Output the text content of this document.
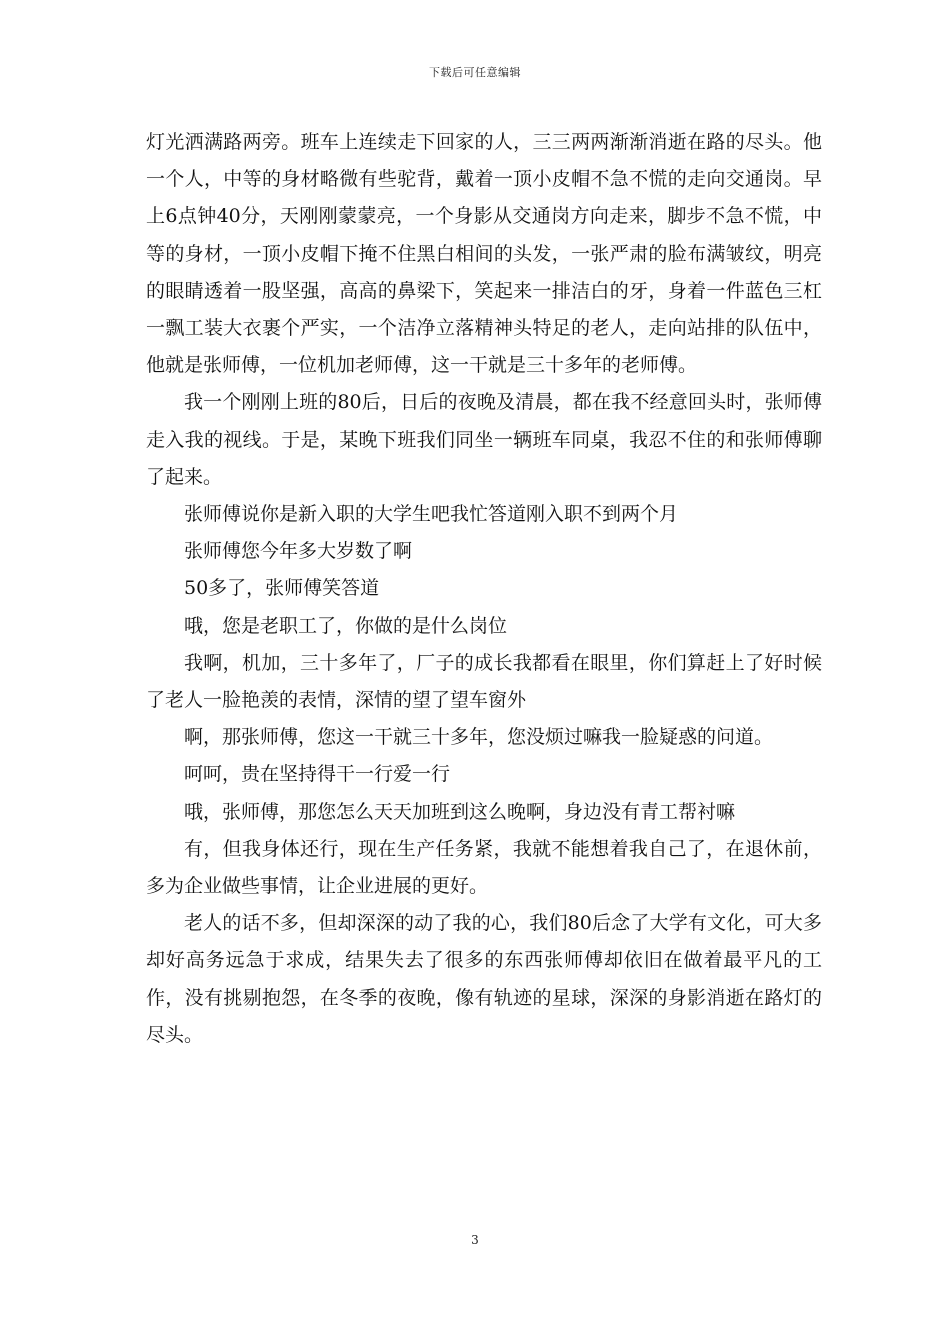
下载后可任意编辑

灯光洒满路两旁。班车上连续走下回家的人，三三两两渐渐消逝在路的尽头。他一个人，中等的身材略微有些驼背，戴着一顶小皮帽不急不慌的走向交通岗。早上6点钟40分，天刚刚蒙蒙亮，一个身影从交通岗方向走来，脚步不急不慌，中等的身材，一顶小皮帽下掩不住黑白相间的头发，一张严肃的脸布满皱纹，明亮的眼睛透着一股坚强，高高的鼻梁下，笑起来一排洁白的牙，身着一件蓝色三杠一飘工装大衣裹个严实，一个洁净立落精神头特足的老人，走向站排的队伍中，他就是张师傅，一位机加老师傅，这一干就是三十多年的老师傅。

我一个刚刚上班的80后，日后的夜晚及清晨，都在我不经意回头时，张师傅走入我的视线。于是，某晚下班我们同坐一辆班车同桌，我忍不住的和张师傅聊了起来。

张师傅说你是新入职的大学生吧我忙答道刚入职不到两个月

张师傅您今年多大岁数了啊

50多了，张师傅笑答道

哦，您是老职工了，你做的是什么岗位

我啊，机加，三十多年了，厂子的成长我都看在眼里，你们算赶上了好时候了老人一脸艳羡的表情，深情的望了望车窗外

啊，那张师傅，您这一干就三十多年，您没烦过嘛我一脸疑惑的问道。

呵呵，贵在坚持得干一行爱一行

哦，张师傅，那您怎么天天加班到这么晚啊，身边没有青工帮衬嘛

有，但我身体还行，现在生产任务紧，我就不能想着我自己了，在退休前，多为企业做些事情，让企业进展的更好。

老人的话不多，但却深深的动了我的心，我们80后念了大学有文化，可大多却好高务远急于求成，结果失去了很多的东西张师傅却依旧在做着最平凡的工作，没有挑剔抱怨，在冬季的夜晚，像有轨迹的星球，深深的身影消逝在路灯的尽头。

3
